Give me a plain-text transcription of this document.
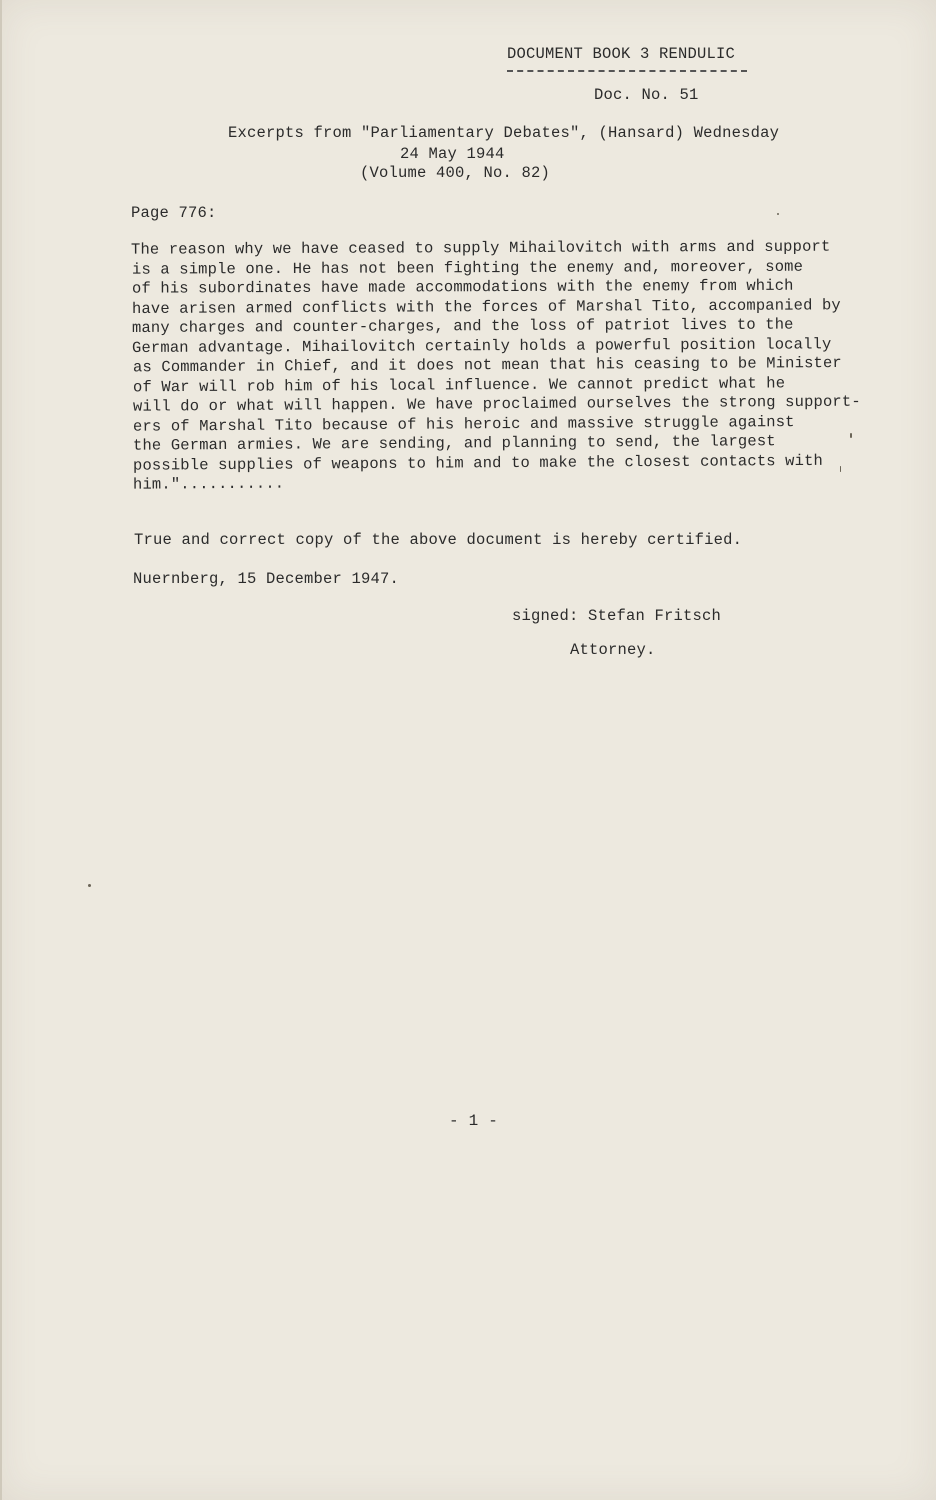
DOCUMENT BOOK 3 RENDULIC
Doc. No. 51
Excerpts from "Parliamentary Debates", (Hansard) Wednesday
24 May 1944
(Volume 400, No. 82)
Page 776:
The reason why we have ceased to supply Mihailovitch with arms and support
is a simple one. He has not been fighting the enemy and, moreover, some
of his subordinates have made accommodations with the enemy from which
have arisen armed conflicts with the forces of Marshal Tito, accompanied by
many charges and counter-charges, and the loss of patriot lives to the
German advantage. Mihailovitch certainly holds a powerful position locally
as Commander in Chief, and it does not mean that his ceasing to be Minister
of War will rob him of his local influence. We cannot predict what he
will do or what will happen. We have proclaimed ourselves the strong support-
ers of Marshal Tito because of his heroic and massive struggle against
the German armies. We are sending, and planning to send, the largest
possible supplies of weapons to him and to make the closest contacts with
him."...........
True and correct copy of the above document is hereby certified.
Nuernberg, 15 December 1947.
signed: Stefan Fritsch
Attorney.
- 1 -
